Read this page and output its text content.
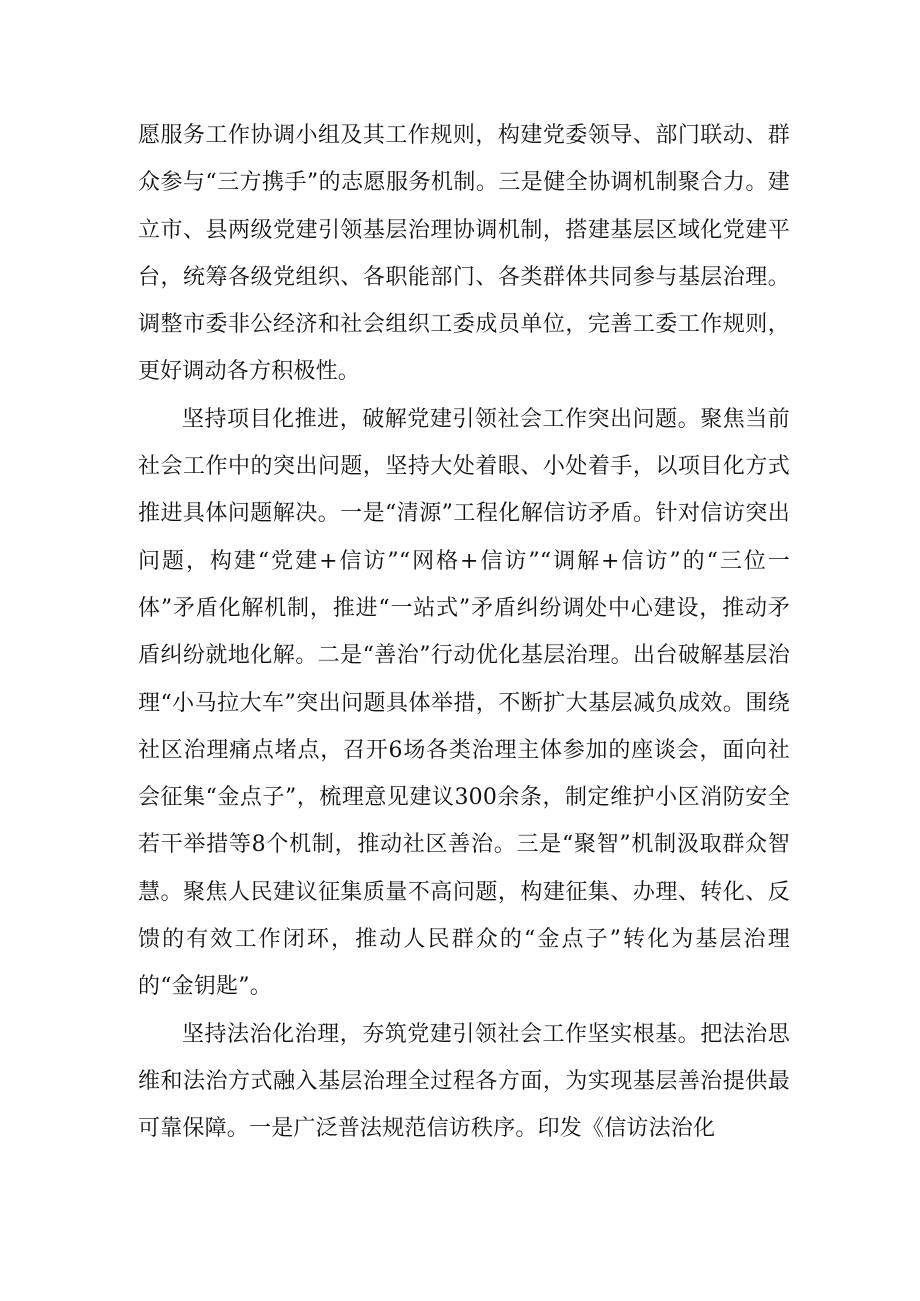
愿服务工作协调小组及其工作规则，构建党委领导、部门联动、群众参与“三方携手”的志愿服务机制。三是健全协调机制聚合力。建立市、县两级党建引领基层治理协调机制，搭建基层区域化党建平台，统筹各级党组织、各职能部门、各类群体共同参与基层治理。调整市委非公经济和社会组织工委成员单位，完善工委工作规则，更好调动各方积极性。

坚持项目化推进，破解党建引领社会工作突出问题。聚焦当前社会工作中的突出问题，坚持大处着眼、小处着手，以项目化方式推进具体问题解决。一是“清源”工程化解信访矛盾。针对信访突出问题，构建“党建+信访”“网格+信访”“调解+信访”的“三位一体”矛盾化解机制，推进“一站式”矛盾纠纷调处中心建设，推动矛盾纠纷就地化解。二是“善治”行动优化基层治理。出台破解基层治理“小马拉大车”突出问题具体举措，不断扩大基层减负成效。围绕社区治理痛点堵点，召开6场各类治理主体参加的座谈会，面向社会征集“金点子”，梳理意见建议300余条，制定维护小区消防安全若干举措等8个机制，推动社区善治。三是“聚智”机制汲取群众智慧。聚焦人民建议征集质量不高问题，构建征集、办理、转化、反馈的有效工作闭环，推动人民群众的“金点子”转化为基层治理的“金钥匙”。

坚持法治化治理，夯筑党建引领社会工作坚实根基。把法治思维和法治方式融入基层治理全过程各方面，为实现基层善治提供最可靠保障。一是广泛普法规范信访秩序。印发《信访法治化
